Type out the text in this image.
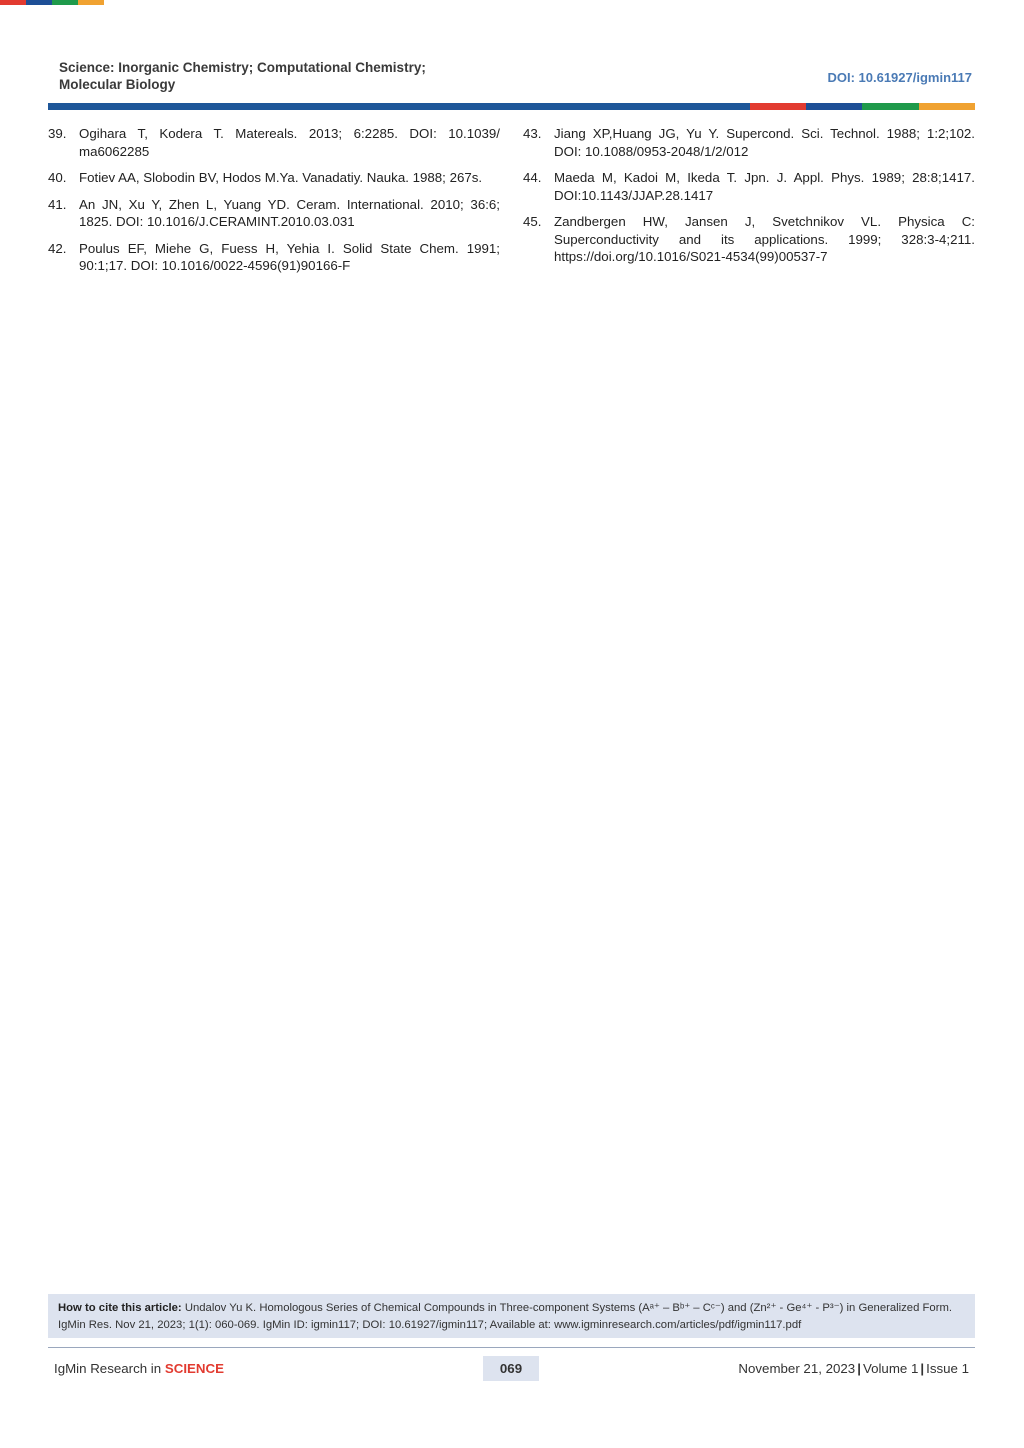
Science: Inorganic Chemistry; Computational Chemistry; Molecular Biology	DOI: 10.61927/igmin117
39. Ogihara T, Kodera T. Matereals. 2013; 6:2285. DOI: 10.1039/ ma6062285
40. Fotiev AA, Slobodin BV, Hodos M.Ya. Vanadatiy. Nauka. 1988; 267s.
41. An JN, Xu Y, Zhen L, Yuang YD. Ceram. International. 2010; 36:6; 1825. DOI: 10.1016/J.CERAMINT.2010.03.031
42. Poulus EF, Miehe G, Fuess H, Yehia I. Solid State Chem. 1991; 90:1;17. DOI: 10.1016/0022-4596(91)90166-F
43. Jiang XP,Huang JG, Yu Y. Supercond. Sci. Technol. 1988; 1:2;102. DOI: 10.1088/0953-2048/1/2/012
44. Maeda M, Kadoi M, Ikeda T. Jpn. J. Appl. Phys. 1989; 28:8;1417. DOI:10.1143/JJAP.28.1417
45. Zandbergen HW, Jansen J, Svetchnikov VL. Physica C: Superconductivity and its applications. 1999; 328:3-4;211. https://doi.org/10.1016/S021-4534(99)00537-7
How to cite this article: Undalov Yu K. Homologous Series of Chemical Compounds in Three-component Systems (Aᵃ⁺ – Bᵇ⁺ – Cᶜ⁻) and (Zn²⁺ - Ge⁴⁺ - P³⁻) in Generalized Form. IgMin Res. Nov 21, 2023; 1(1): 060-069. IgMin ID: igmin117; DOI: 10.61927/igmin117; Available at: www.igminresearch.com/articles/pdf/igmin117.pdf
IgMin Research in SCIENCE	069	November 21, 2023 | Volume 1 | Issue 1
